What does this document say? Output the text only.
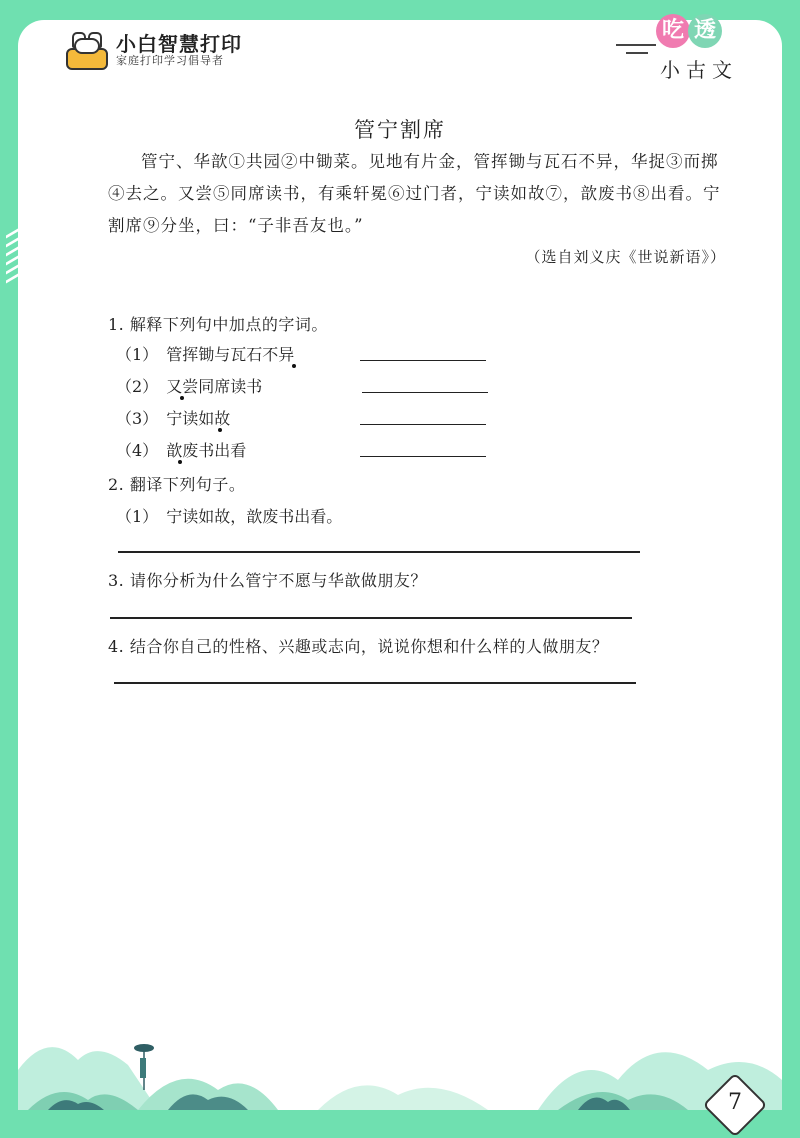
小白智慧打印
家庭打印学习倡导者
吃 透
小古文
管宁割席
管宁、华歆①共园②中锄菜。见地有片金，管挥锄与瓦石不异，华捉③而掷④去之。又尝⑤同席读书，有乘轩冕⑥过门者，宁读如故⑦，歆废书⑧出看。宁割席⑨分坐，曰：“子非吾友也。”
（选自刘义庆《世说新语》）
1. 解释下列句中加点的字词。
（1） 管挥锄与瓦石不异
（2） 又尝同席读书
（3） 宁读如故
（4） 歆废书出看
2. 翻译下列句子。
（1） 宁读如故，歆废书出看。
3. 请你分析为什么管宁不愿与华歆做朋友？
4. 结合你自己的性格、兴趣或志向，说说你想和什么样的人做朋友？
7
